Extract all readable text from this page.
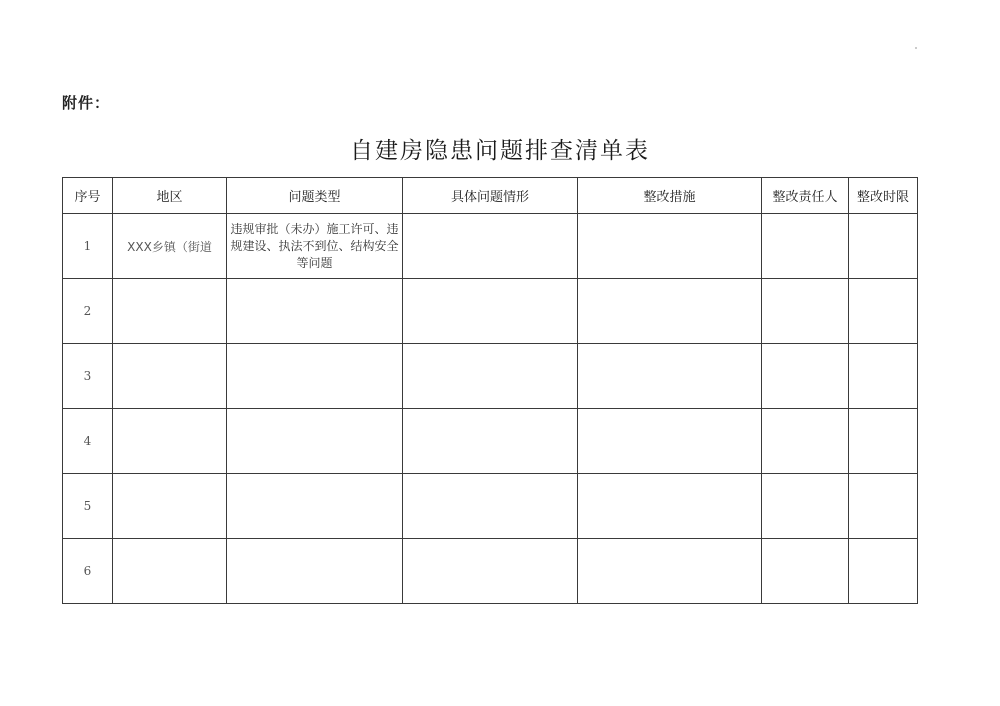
附件：
自建房隐患问题排查清单表
序号	地区	问题类型	具体问题情形	整改措施	整改责任人	整改时限
1	XXX乡镇（街道	违规审批（未办）施工许可、违规建设、执法不到位、结构安全等问题				
2						
3						
4						
5						
6						
